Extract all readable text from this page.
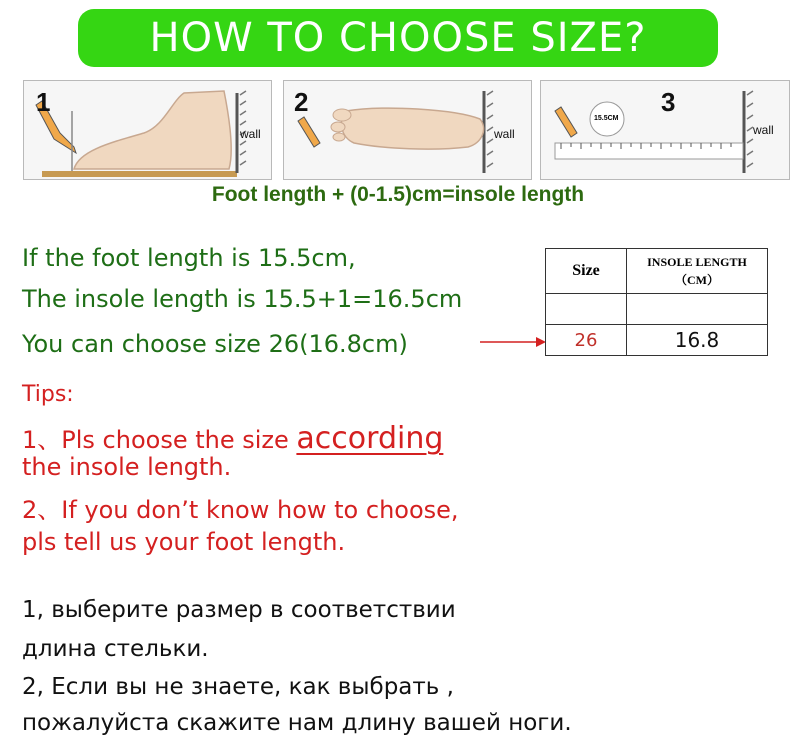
HOW TO CHOOSE SIZE?
1
wall
2
wall
3
wall
15.5CM
Foot length + (0-1.5)cm=insole length
If the foot length is 15.5cm,
The insole length is 15.5+1=16.5cm
You can choose size 26(16.8cm)
Size	INSOLE LENGTH
（CM）

26	16.8
Tips:
1、Pls choose the size according
the insole length.
2、If you don’t know how to choose,
pls tell us your foot length.
1, выберите размер в соответствии
длина стельки.
2, Если вы не знаете, как выбрать ,
пожалуйста скажите нам длину вашей ноги.
